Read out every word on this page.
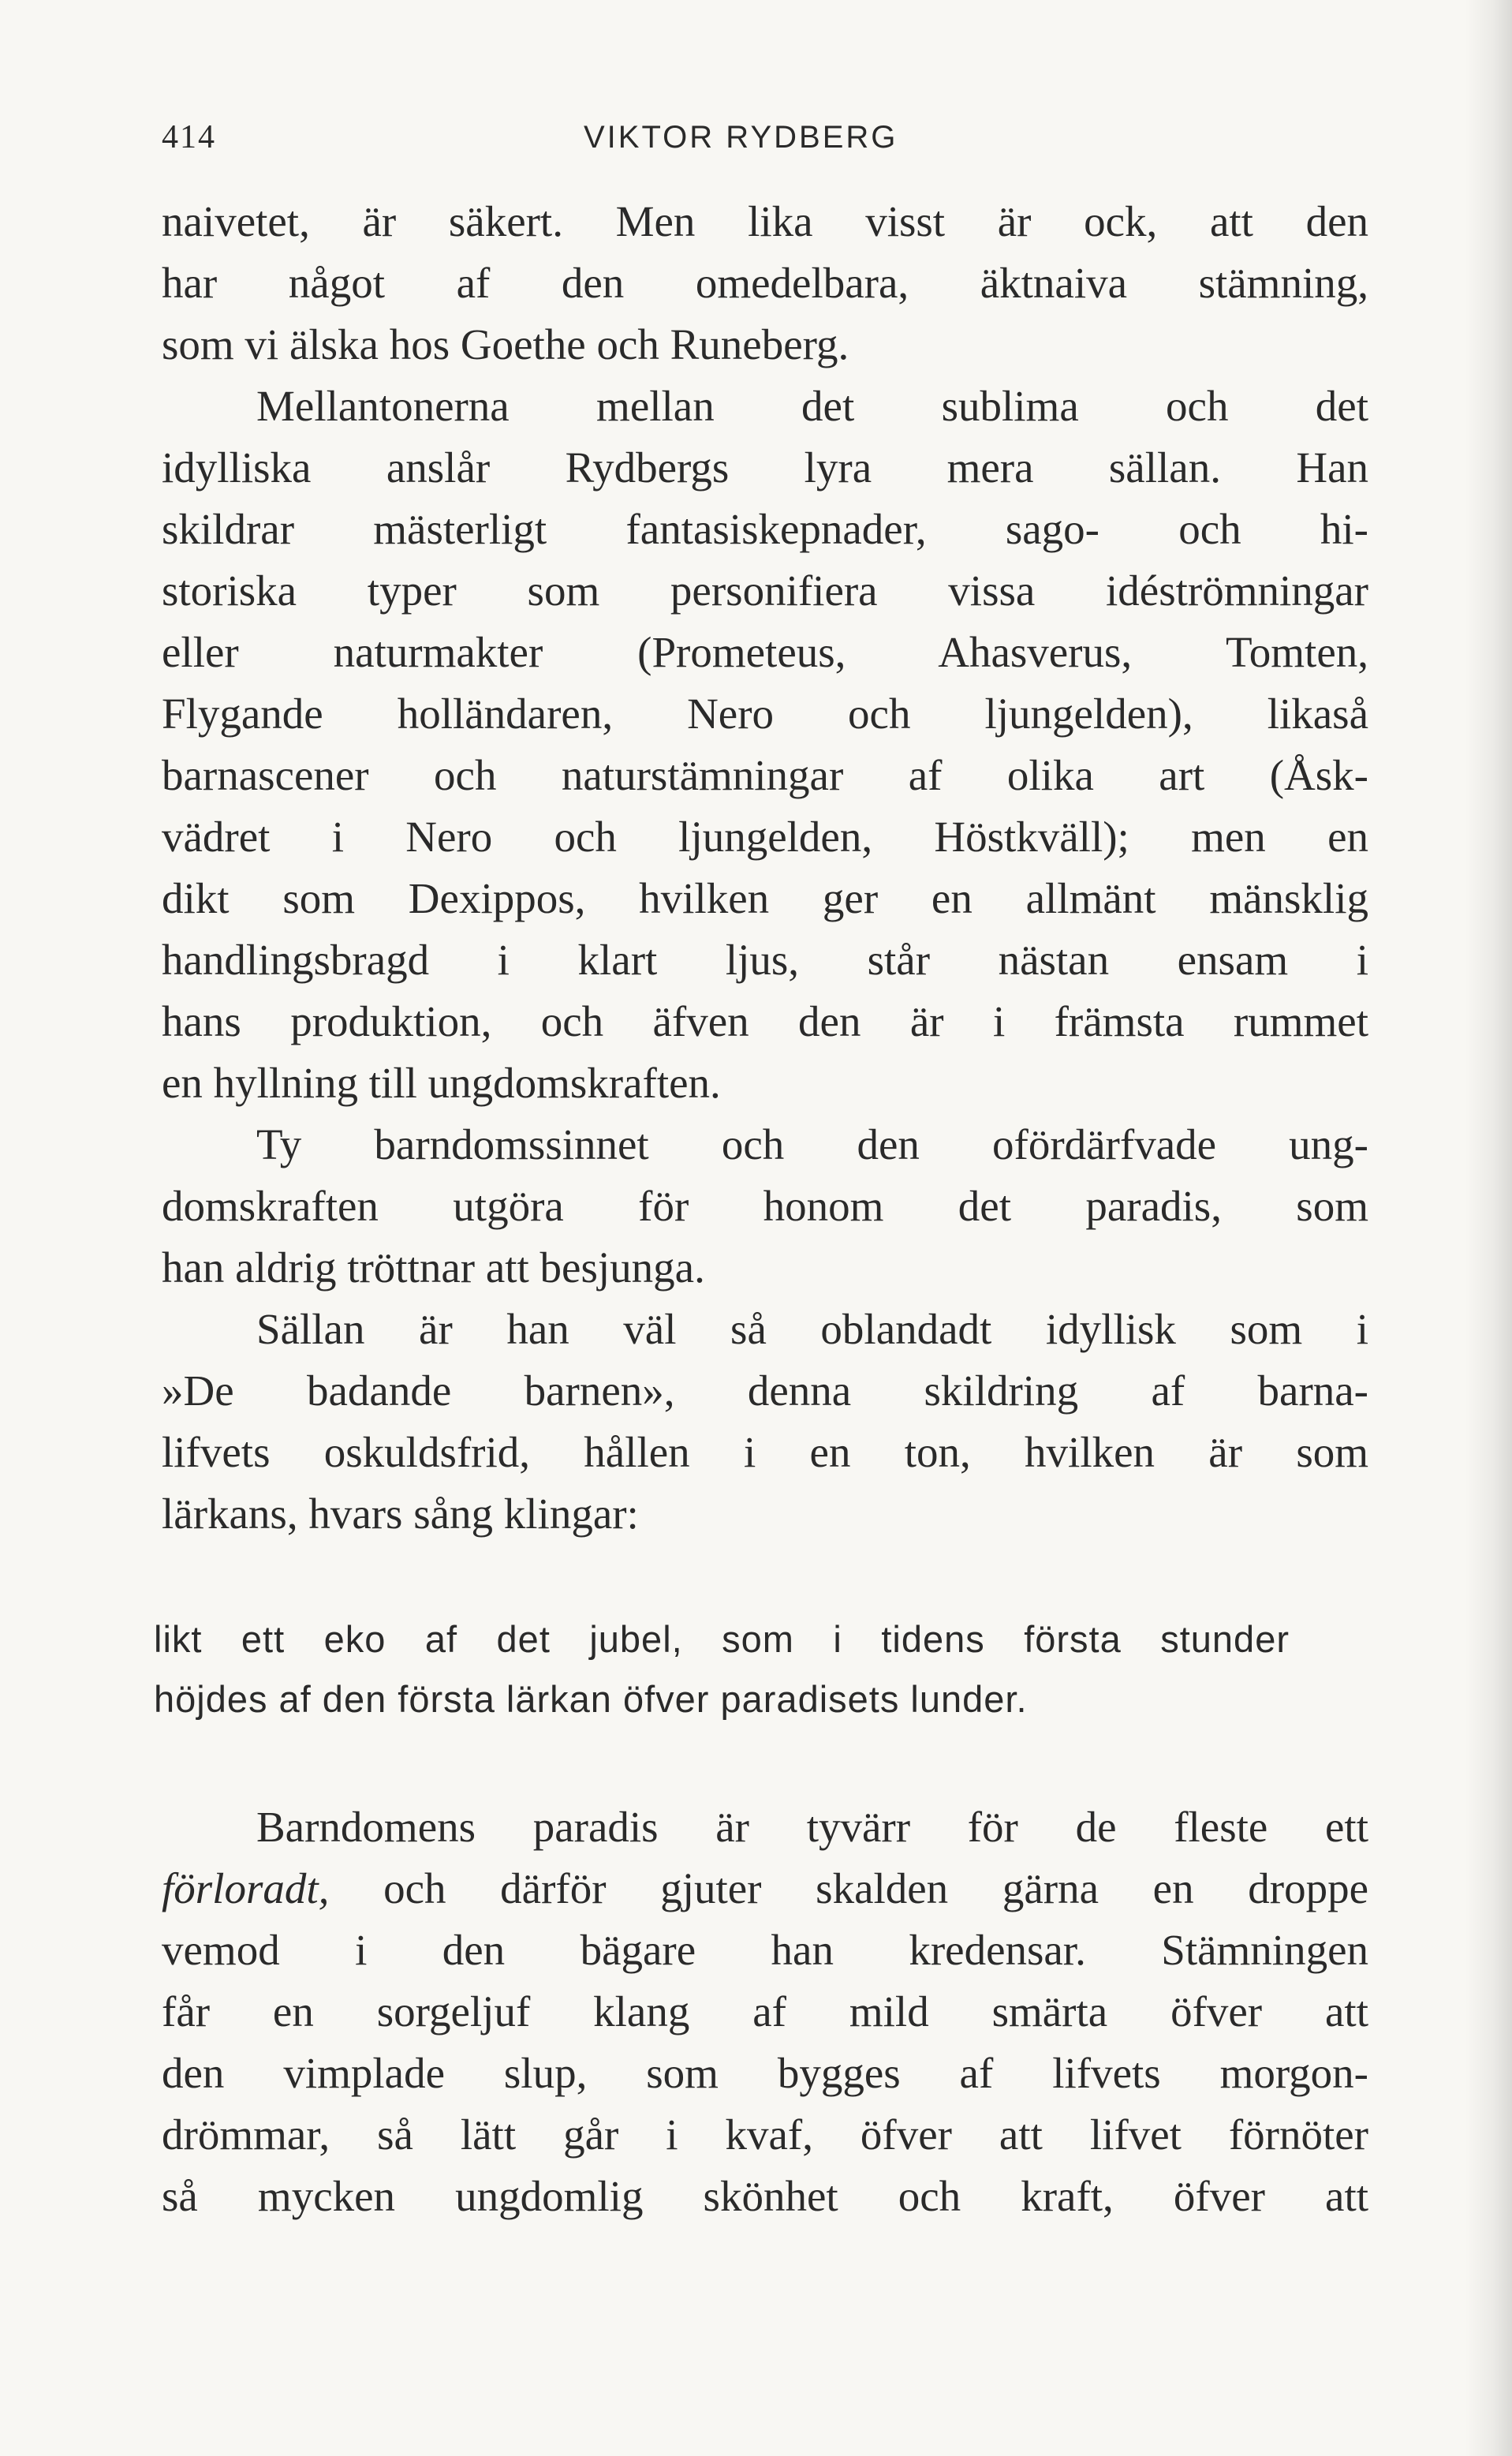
414	VIKTOR RYDBERG
naivetet, är säkert. Men lika visst är ock, att den
har något af den omedelbara, äktnaiva stämning,
som vi älska hos Goethe och Runeberg.
Mellantonerna mellan det sublima och det
idylliska anslår Rydbergs lyra mera sällan. Han
skildrar mästerligt fantasiskepnader, sago- och hi-
storiska typer som personifiera vissa idéströmningar
eller naturmakter (Prometeus, Ahasverus, Tomten,
Flygande holländaren, Nero och ljungelden), likaså
barnascener och naturstämningar af olika art (Åsk-
vädret i Nero och ljungelden, Höstkväll); men en
dikt som Dexippos, hvilken ger en allmänt mänsklig
handlingsbragd i klart ljus, står nästan ensam i
hans produktion, och äfven den är i främsta rummet
en hyllning till ungdomskraften.
Ty barndomssinnet och den ofördärfvade ung-
domskraften utgöra för honom det paradis, som
han aldrig tröttnar att besjunga.
Sällan är han väl så oblandadt idyllisk som i
»De badande barnen», denna skildring af barna-
lifvets oskuldsfrid, hållen i en ton, hvilken är som
lärkans, hvars sång klingar:
likt ett eko af det jubel, som i tidens första stunder
höjdes af den första lärkan öfver paradisets lunder.
Barndomens paradis är tyvärr för de fleste ett
förloradt, och därför gjuter skalden gärna en droppe
vemod i den bägare han kredensar. Stämningen
får en sorgeljuf klang af mild smärta öfver att
den vimplade slup, som bygges af lifvets morgon-
drömmar, så lätt går i kvaf, öfver att lifvet förnöter
så mycken ungdomlig skönhet och kraft, öfver att
